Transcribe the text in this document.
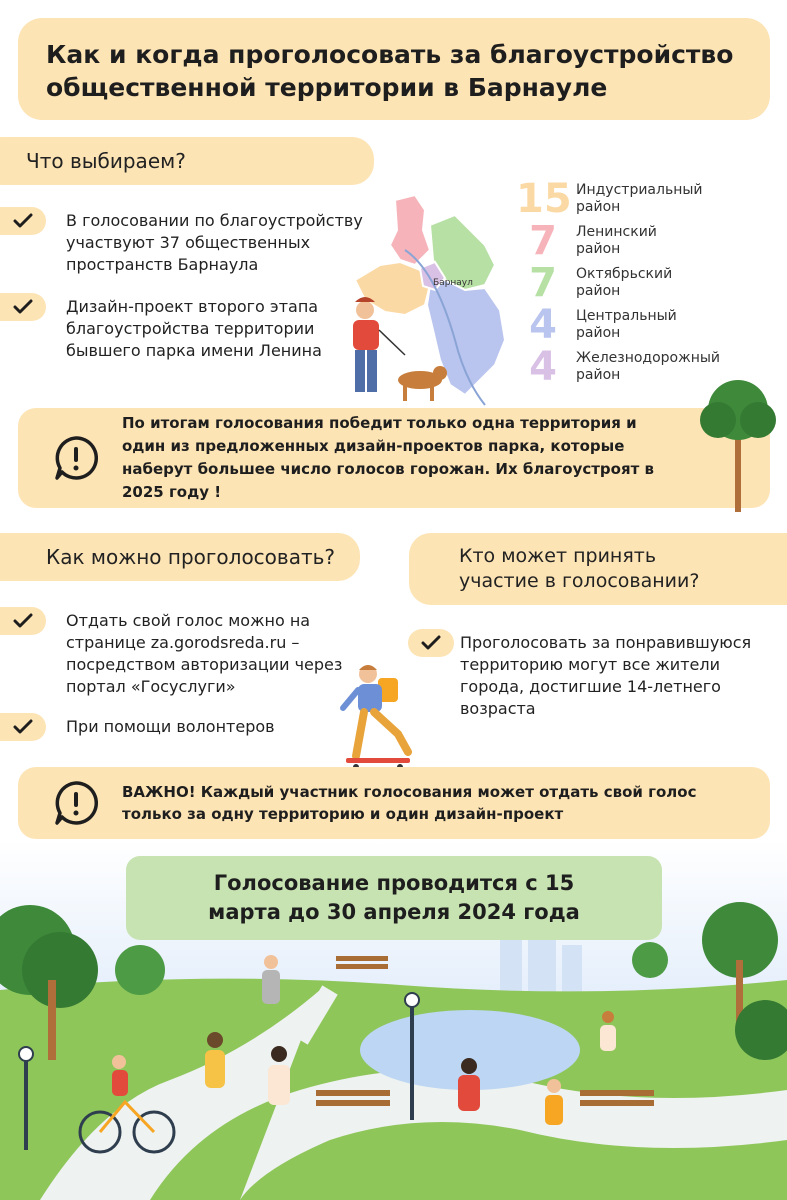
Как и когда проголосовать за благоустройство общественной территории в Барнауле
Что выбираем?

В голосовании по благоустройству участвуют 37 общественных пространств Барнаула

Дизайн-проект второго этапа благоустройства территории бывшего парка имени Ленина

Барнаул
15 Индустриальный район
7	Ленинский район
7	Октябрьский район
4	Центральный район
4	Железнодорожный район

По итогам голосования победит только одна территория и один из предложенных дизайн-проектов парка, которые наберут большее число голосов горожан. Их благоустроят в 2025 году !

Как можно проголосовать?

Отдать свой голос можно на странице za.gorodsreda.ru – посредством авторизации через портал «Госуслуги»

При помощи волонтеров

Кто может принять участие в голосовании?

Проголосовать за понравившуюся территорию могут все жители города, достигшие 14-летнего возраста

ВАЖНО! Каждый участник голосования может отдать свой голос только за одну территорию и один дизайн-проект

Голосование проводится с 15 марта до 30 апреля 2024 года
